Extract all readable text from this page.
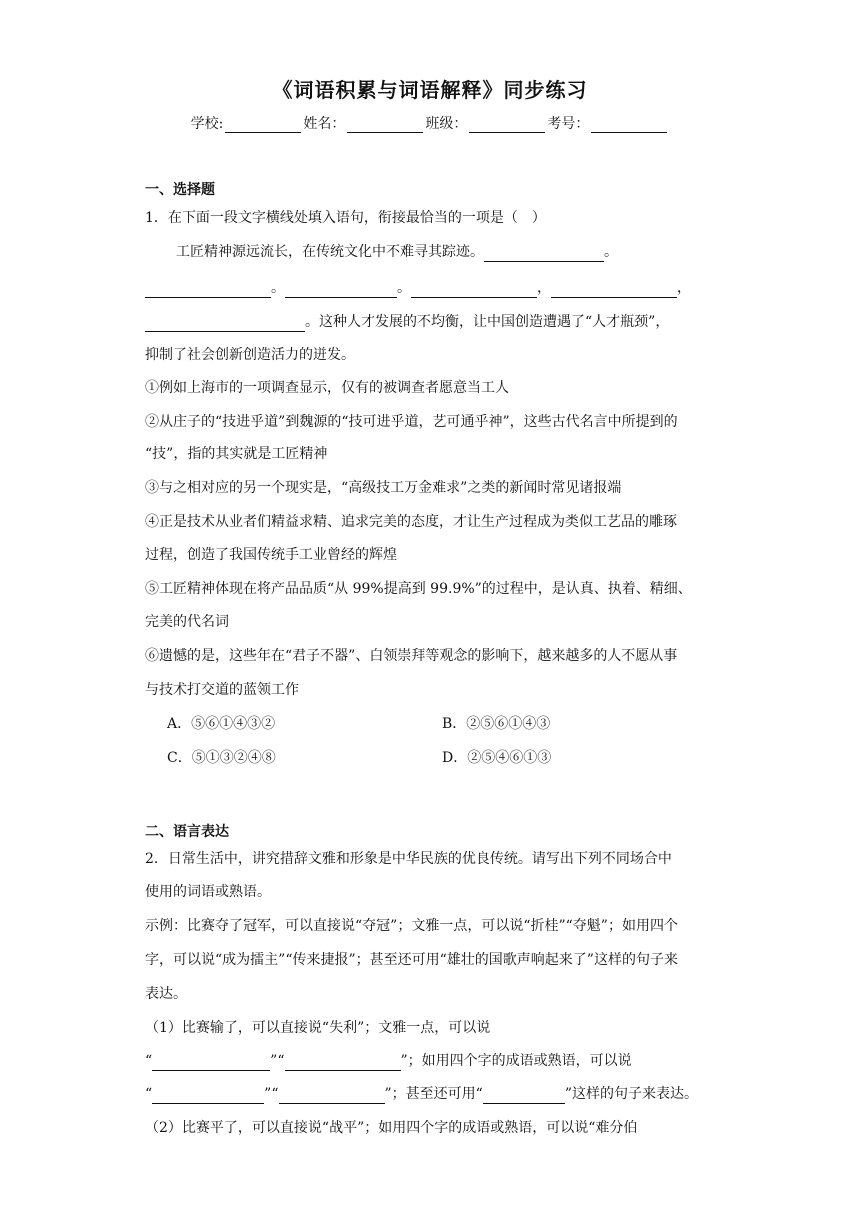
《词语积累与词语解释》同步练习
学校:	姓名：	班级：	考号：
一、选择题
1．在下面一段文字横线处填入语句，衔接最恰当的一项是（　）
工匠精神源远流长，在传统文化中不难寻其踪迹。	。
。	。	，	，
。这种人才发展的不均衡，让中国创造遭遇了“人才瓶颈”，
抑制了社会创新创造活力的迸发。
①例如上海市的一项调查显示，仅有的被调查者愿意当工人
②从庄子的“技进乎道”到魏源的“技可进乎道，艺可通乎神”，这些古代名言中所提到的
“技”，指的其实就是工匠精神
③与之相对应的另一个现实是，“高级技工万金难求”之类的新闻时常见诸报端
④正是技术从业者们精益求精、追求完美的态度，才让生产过程成为类似工艺品的雕琢
过程，创造了我国传统手工业曾经的辉煌
⑤工匠精神体现在将产品品质“从 99%提高到 99.9%”的过程中，是认真、执着、精细、
完美的代名词
⑥遗憾的是，这些年在“君子不器”、白领崇拜等观念的影响下，越来越多的人不愿从事
与技术打交道的蓝领工作
A．⑤⑥①④③②	B．②⑤⑥①④③
C．⑤①③②④⑧	D．②⑤④⑥①③
二、语言表达
2．日常生活中，讲究措辞文雅和形象是中华民族的优良传统。请写出下列不同场合中
使用的词语或熟语。
示例：比赛夺了冠军，可以直接说“夺冠”；文雅一点，可以说“折桂”“夺魁”；如用四个
字，可以说“成为擂主”“传来捷报”；甚至还可用“雄壮的国歌声响起来了”这样的句子来
表达。
（1）比赛输了，可以直接说“失利”；文雅一点，可以说
“	”“	”；如用四个字的成语或熟语，可以说
“	”“	”；甚至还可用“	”这样的句子来表达。
（2）比赛平了，可以直接说“战平”；如用四个字的成语或熟语，可以说“难分伯
